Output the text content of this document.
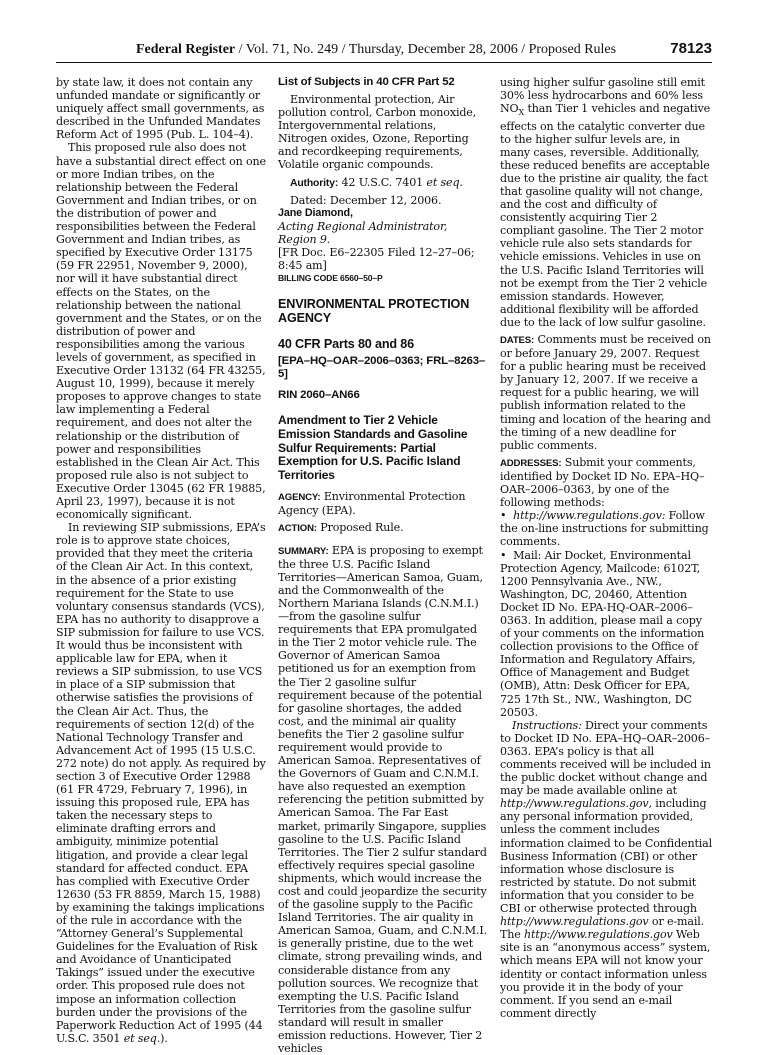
Federal Register / Vol. 71, No. 249 / Thursday, December 28, 2006 / Proposed Rules	78123

by state law, it does not contain any unfunded mandate or significantly or uniquely affect small governments, as described in the Unfunded Mandates Reform Act of 1995 (Pub. L. 104–4).

This proposed rule also does not have a substantial direct effect on one or more Indian tribes, on the relationship between the Federal Government and Indian tribes, or on the distribution of power and responsibilities between the Federal Government and Indian tribes, as specified by Executive Order 13175 (59 FR 22951, November 9, 2000), nor will it have substantial direct effects on the States, on the relationship between the national government and the States, or on the distribution of power and responsibilities among the various levels of government, as specified in Executive Order 13132 (64 FR 43255, August 10, 1999), because it merely proposes to approve changes to state law implementing a Federal requirement, and does not alter the relationship or the distribution of power and responsibilities established in the Clean Air Act. This proposed rule also is not subject to Executive Order 13045 (62 FR 19885, April 23, 1997), because it is not economically significant.

In reviewing SIP submissions, EPA’s role is to approve state choices, provided that they meet the criteria of the Clean Air Act. In this context, in the absence of a prior existing requirement for the State to use voluntary consensus standards (VCS), EPA has no authority to disapprove a SIP submission for failure to use VCS. It would thus be inconsistent with applicable law for EPA, when it reviews a SIP submission, to use VCS in place of a SIP submission that otherwise satisfies the provisions of the Clean Air Act. Thus, the requirements of section 12(d) of the National Technology Transfer and Advancement Act of 1995 (15 U.S.C. 272 note) do not apply. As required by section 3 of Executive Order 12988 (61 FR 4729, February 7, 1996), in issuing this proposed rule, EPA has taken the necessary steps to eliminate drafting errors and ambiguity, minimize potential litigation, and provide a clear legal standard for affected conduct. EPA has complied with Executive Order 12630 (53 FR 8859, March 15, 1988) by examining the takings implications of the rule in accordance with the “Attorney General’s Supplemental Guidelines for the Evaluation of Risk and Avoidance of Unanticipated Takings” issued under the executive order. This proposed rule does not impose an information collection burden under the provisions of the Paperwork Reduction Act of 1995 (44 U.S.C. 3501 et seq.).

List of Subjects in 40 CFR Part 52

Environmental protection, Air pollution control, Carbon monoxide, Intergovernmental relations, Nitrogen oxides, Ozone, Reporting and recordkeeping requirements, Volatile organic compounds.

Authority: 42 U.S.C. 7401 et seq.

Dated: December 12, 2006.

Jane Diamond,

Acting Regional Administrator, Region 9.

[FR Doc. E6–22305 Filed 12–27–06; 8:45 am]

BILLING CODE 6560–50–P

ENVIRONMENTAL PROTECTION AGENCY

40 CFR Parts 80 and 86

[EPA–HQ–OAR–2006–0363; FRL–8263–5]

RIN 2060–AN66

Amendment to Tier 2 Vehicle Emission Standards and Gasoline Sulfur Requirements: Partial Exemption for U.S. Pacific Island Territories

AGENCY: Environmental Protection Agency (EPA).

ACTION: Proposed Rule.

SUMMARY: EPA is proposing to exempt the three U.S. Pacific Island Territories—American Samoa, Guam, and the Commonwealth of the Northern Mariana Islands (C.N.M.I.)—from the gasoline sulfur requirements that EPA promulgated in the Tier 2 motor vehicle rule. The Governor of American Samoa petitioned us for an exemption from the Tier 2 gasoline sulfur requirement because of the potential for gasoline shortages, the added cost, and the minimal air quality benefits the Tier 2 gasoline sulfur requirement would provide to American Samoa. Representatives of the Governors of Guam and C.N.M.I. have also requested an exemption referencing the petition submitted by American Samoa. The Far East market, primarily Singapore, supplies gasoline to the U.S. Pacific Island Territories. The Tier 2 sulfur standard effectively requires special gasoline shipments, which would increase the cost and could jeopardize the security of the gasoline supply to the Pacific Island Territories. The air quality in American Samoa, Guam, and C.N.M.I. is generally pristine, due to the wet climate, strong prevailing winds, and considerable distance from any pollution sources. We recognize that exempting the U.S. Pacific Island Territories from the gasoline sulfur standard will result in smaller emission reductions. However, Tier 2 vehicles

using higher sulfur gasoline still emit 30% less hydrocarbons and 60% less $NO_X$ than Tier 1 vehicles and negative effects on the catalytic converter due to the higher sulfur levels are, in many cases, reversible. Additionally, these reduced benefits are acceptable due to the pristine air quality, the fact that gasoline quality will not change, and the cost and difficulty of consistently acquiring Tier 2 compliant gasoline. The Tier 2 motor vehicle rule also sets standards for vehicle emissions. Vehicles in use on the U.S. Pacific Island Territories will not be exempt from the Tier 2 vehicle emission standards. However, additional flexibility will be afforded due to the lack of low sulfur gasoline.

DATES: Comments must be received on or before January 29, 2007. Request for a public hearing must be received by January 12, 2007. If we receive a request for a public hearing, we will publish information related to the timing and location of the hearing and the timing of a new deadline for public comments.

ADDRESSES: Submit your comments, identified by Docket ID No. EPA–HQ–OAR–2006–0363, by one of the following methods:

•  http://www.regulations.gov: Follow the on-line instructions for submitting comments.

•  Mail: Air Docket, Environmental Protection Agency, Mailcode: 6102T, 1200 Pennsylvania Ave., NW., Washington, DC, 20460, Attention Docket ID No. EPA-HQ-OAR–2006–0363. In addition, please mail a copy of your comments on the information collection provisions to the Office of Information and Regulatory Affairs, Office of Management and Budget (OMB), Attn: Desk Officer for EPA, 725 17th St., NW., Washington, DC 20503.

Instructions: Direct your comments to Docket ID No. EPA–HQ–OAR–2006–0363. EPA’s policy is that all comments received will be included in the public docket without change and may be made available online at http://www.regulations.gov, including any personal information provided, unless the comment includes information claimed to be Confidential Business Information (CBI) or other information whose disclosure is restricted by statute. Do not submit information that you consider to be CBI or otherwise protected through http://www.regulations.gov or e-mail. The http://www.regulations.gov Web site is an “anonymous access” system, which means EPA will not know your identity or contact information unless you provide it in the body of your comment. If you send an e-mail comment directly
